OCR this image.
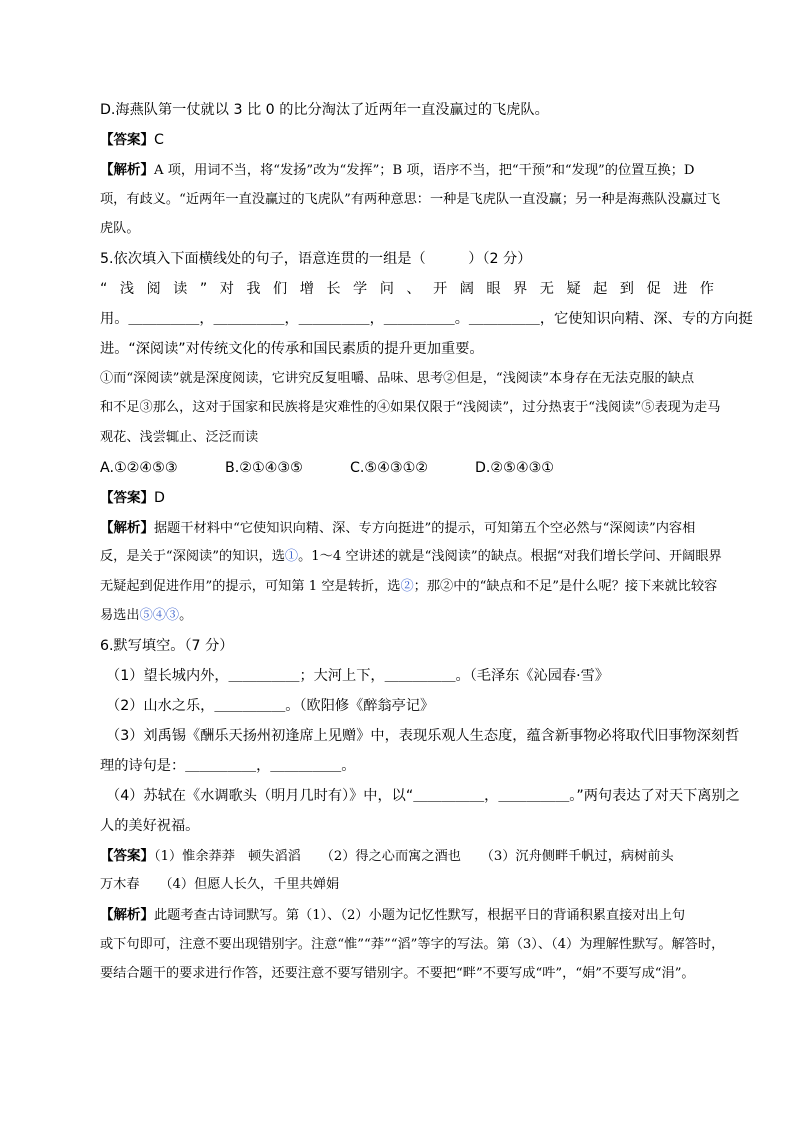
D.海燕队第一仗就以 3 比 0 的比分淘汰了近两年一直没赢过的飞虎队。
【答案】C
【解析】A 项，用词不当，将“发扬”改为“发挥”；B 项，语序不当，把“干预”和“发现”的位置互换；D
项，有歧义。“近两年一直没赢过的飞虎队”有两种意思：一种是飞虎队一直没赢；另一种是海燕队没赢过飞
虎队。
5.依次填入下面横线处的句子，语意连贯的一组是（　　　）（2 分）
“浅阅读”对我们增长学问、开阔眼界无疑起到促进作
用。＿＿＿＿＿，＿＿＿＿＿，＿＿＿＿＿，＿＿＿＿＿。＿＿＿＿＿，它使知识向精、深、专的方向挺
进。“深阅读”对传统文化的传承和国民素质的提升更加重要。
①而“深阅读”就是深度阅读，它讲究反复咀嚼、品味、思考②但是，“浅阅读”本身存在无法克服的缺点
和不足③那么，这对于国家和民族将是灾难性的④如果仅限于“浅阅读”，过分热衷于“浅阅读”⑤表现为走马
观花、浅尝辄止、泛泛而读
A.①②④⑤③	B.②①④③⑤	C.⑤④③①②	D.②⑤④③①
【答案】D
【解析】据题干材料中“它使知识向精、深、专方向挺进”的提示，可知第五个空必然与“深阅读”内容相
反，是关于“深阅读”的知识，选①。1～4 空讲述的就是“浅阅读”的缺点。根据“对我们增长学问、开阔眼界
无疑起到促进作用”的提示，可知第 1 空是转折，选②；那②中的“缺点和不足”是什么呢？接下来就比较容
易选出⑤④③。
6.默写填空。（7 分）
（1）望长城内外，＿＿＿＿＿；大河上下，＿＿＿＿＿。（毛泽东《沁园春·雪》
（2）山水之乐，＿＿＿＿＿。（欧阳修《醉翁亭记》
（3）刘禹锡《酬乐天扬州初逢席上见赠》中，表现乐观人生态度，蕴含新事物必将取代旧事物深刻哲
理的诗句是：＿＿＿＿＿，＿＿＿＿＿。
（4）苏轼在《水调歌头（明月几时有）》中，以“＿＿＿＿＿，＿＿＿＿＿。”两句表达了对天下离别之
人的美好祝福。
【答案】（1）惟余莽莽　顿失滔滔　　（2）得之心而寓之酒也　　（3）沉舟侧畔千帆过，病树前头
万木春　　（4）但愿人长久，千里共婵娟
【解析】此题考查古诗词默写。第（1）、（2）小题为记忆性默写，根据平日的背诵积累直接对出上句
或下句即可，注意不要出现错别字。注意“惟”“莽”“滔”等字的写法。第（3）、（4）为理解性默写。解答时，
要结合题干的要求进行作答，还要注意不要写错别字。不要把“畔”不要写成“吽”，“娟”不要写成“涓”。
